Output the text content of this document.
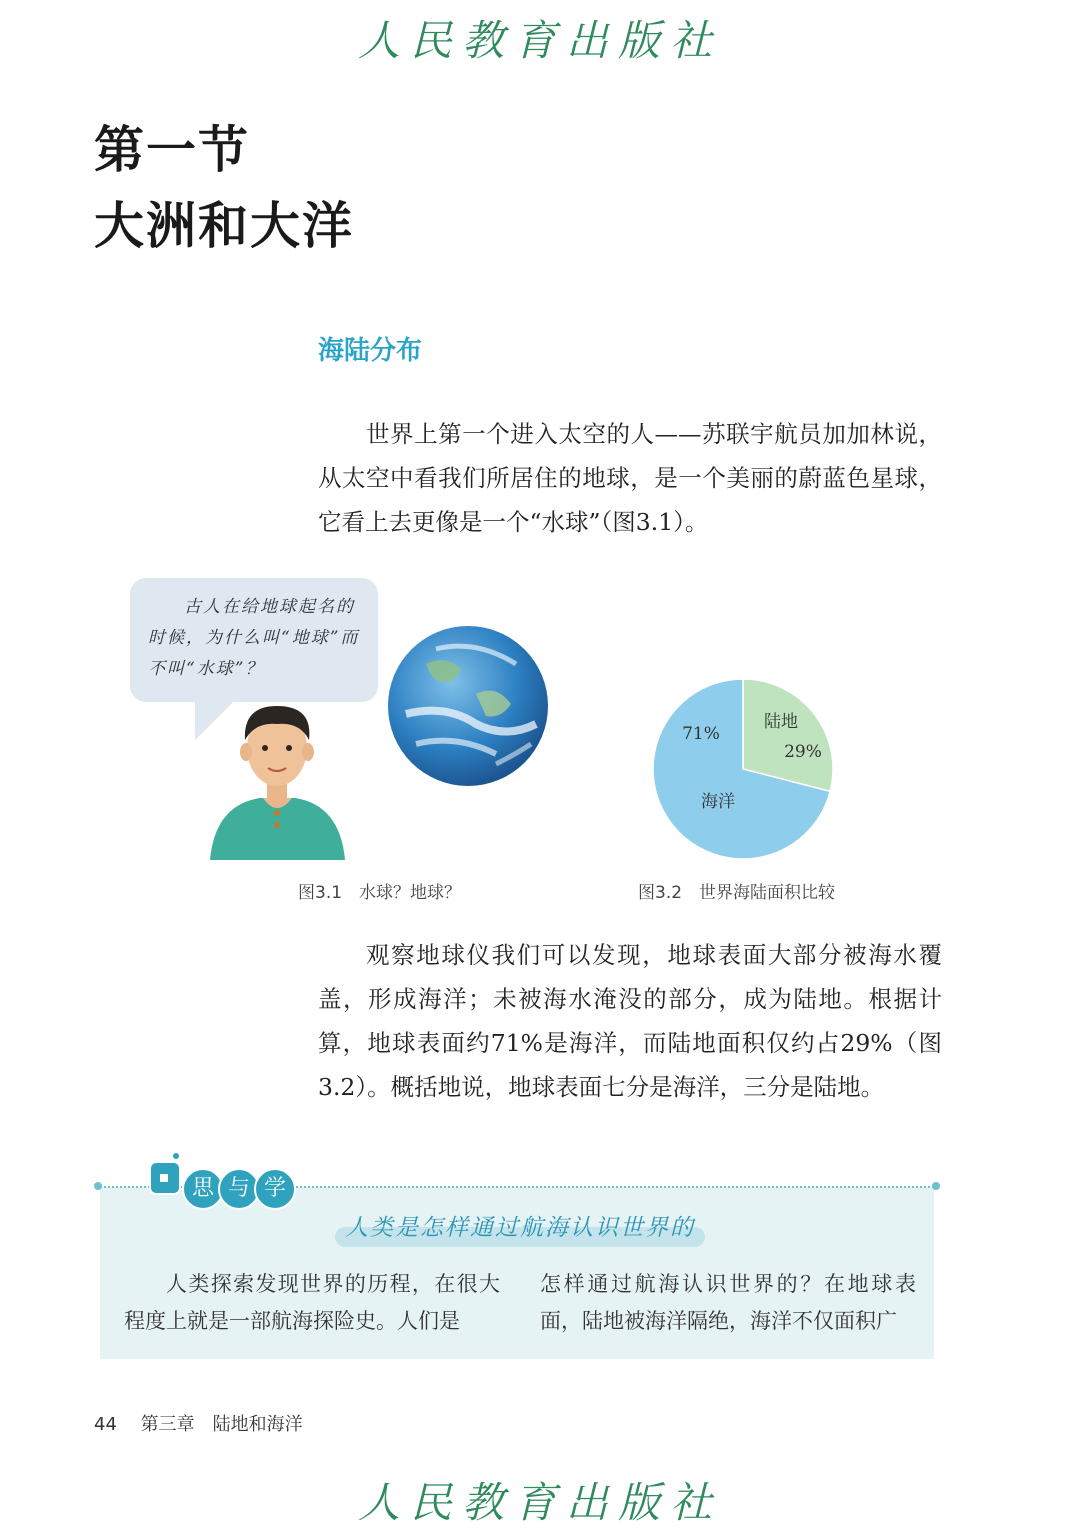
人民教育出版社
第一节
大洲和大洋
海陆分布
世界上第一个进入太空的人——苏联宇航员加加林说，从太空中看我们所居住的地球，是一个美丽的蔚蓝色星球，它看上去更像是一个“水球”（图3.1）。
古人在给地球起名的时候，为什么叫“地球”而不叫“水球”？
陆地
29%
海洋
71%
图3.1　水球？地球？	图3.2　世界海陆面积比较
观察地球仪我们可以发现，地球表面大部分被海水覆盖，形成海洋；未被海水淹没的部分，成为陆地。根据计算，地球表面约71%是海洋，而陆地面积仅约占29%（图3.2）。概括地说，地球表面七分是海洋，三分是陆地。
思 与 学
人类是怎样通过航海认识世界的
人类探索发现世界的历程，在很大程度上就是一部航海探险史。人们是
怎样通过航海认识世界的？在地球表面，陆地被海洋隔绝，海洋不仅面积广
44 第三章　陆地和海洋
人民教育出版社
